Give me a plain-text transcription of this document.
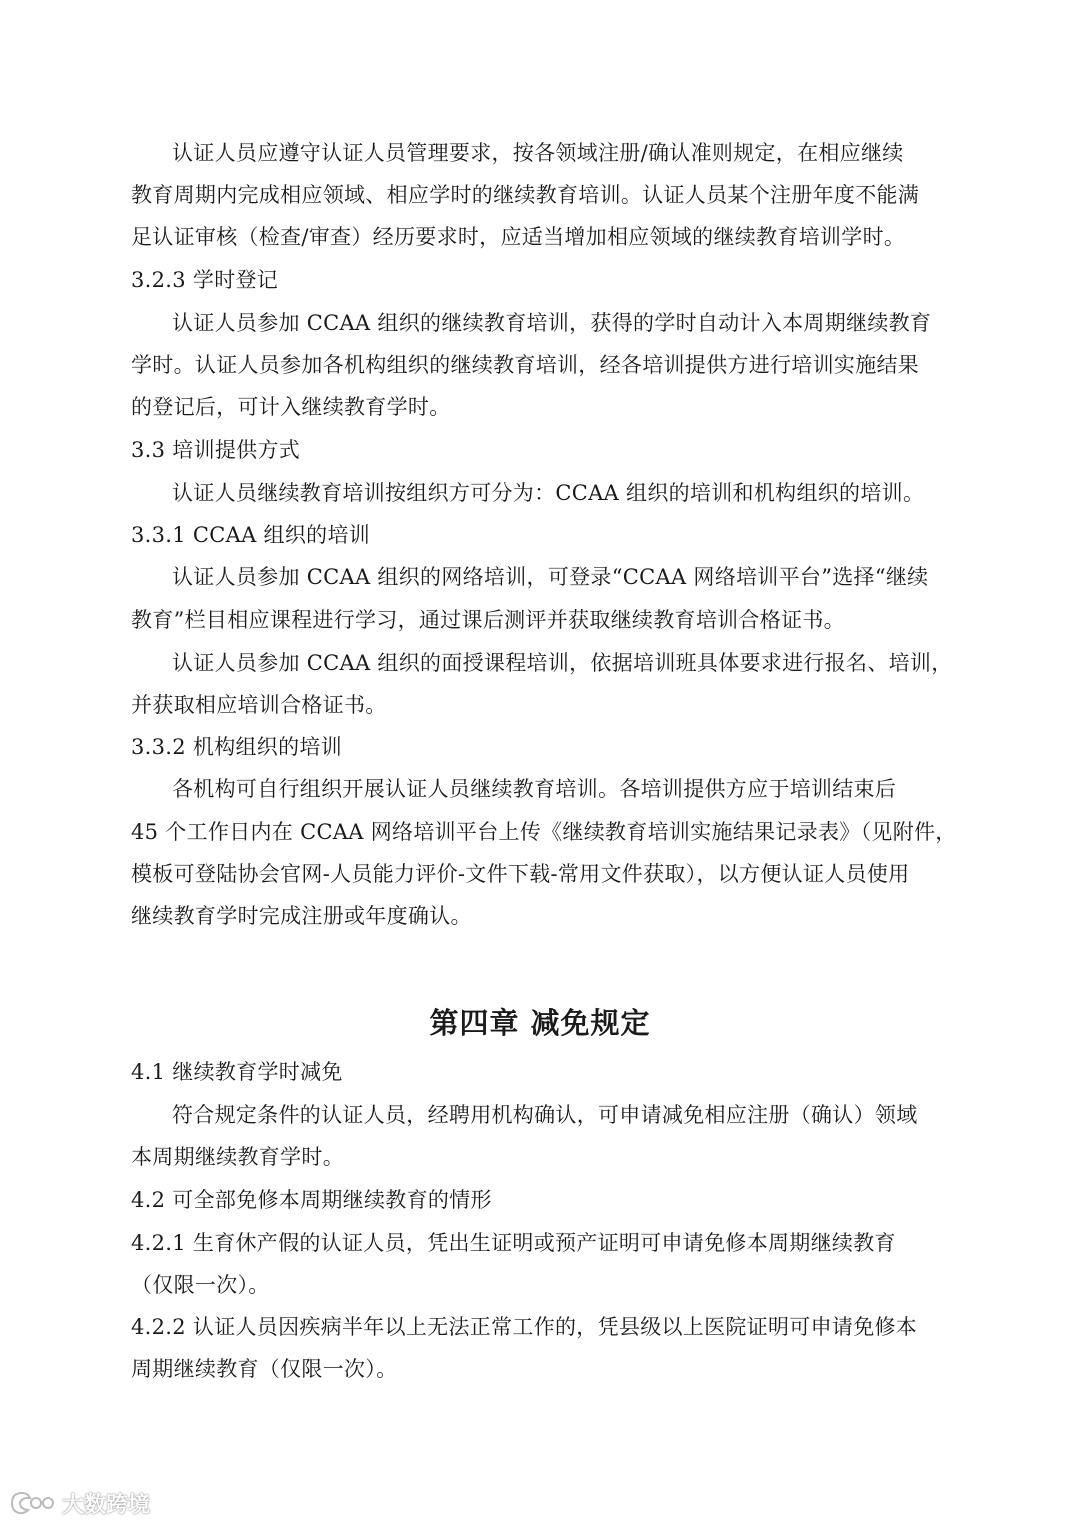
认证人员应遵守认证人员管理要求，按各领域注册/确认准则规定，在相应继续
教育周期内完成相应领域、相应学时的继续教育培训。认证人员某个注册年度不能满
足认证审核（检查/审查）经历要求时，应适当增加相应领域的继续教育培训学时。
3.2.3 学时登记
认证人员参加 CCAA 组织的继续教育培训，获得的学时自动计入本周期继续教育
学时。认证人员参加各机构组织的继续教育培训，经各培训提供方进行培训实施结果
的登记后，可计入继续教育学时。
3.3 培训提供方式
认证人员继续教育培训按组织方可分为：CCAA 组织的培训和机构组织的培训。
3.3.1 CCAA 组织的培训
认证人员参加 CCAA 组织的网络培训，可登录“CCAA 网络培训平台”选择“继续
教育”栏目相应课程进行学习，通过课后测评并获取继续教育培训合格证书。
认证人员参加 CCAA 组织的面授课程培训，依据培训班具体要求进行报名、培训，
并获取相应培训合格证书。
3.3.2 机构组织的培训
各机构可自行组织开展认证人员继续教育培训。各培训提供方应于培训结束后
45 个工作日内在 CCAA 网络培训平台上传《继续教育培训实施结果记录表》（见附件，
模板可登陆协会官网-人员能力评价-文件下载-常用文件获取），以方便认证人员使用
继续教育学时完成注册或年度确认。
第四章 减免规定
4.1 继续教育学时减免
符合规定条件的认证人员，经聘用机构确认，可申请减免相应注册（确认）领域
本周期继续教育学时。
4.2 可全部免修本周期继续教育的情形
4.2.1 生育休产假的认证人员，凭出生证明或预产证明可申请免修本周期继续教育
（仅限一次）。
4.2.2 认证人员因疾病半年以上无法正常工作的，凭县级以上医院证明可申请免修本
周期继续教育（仅限一次）。
大数跨境
